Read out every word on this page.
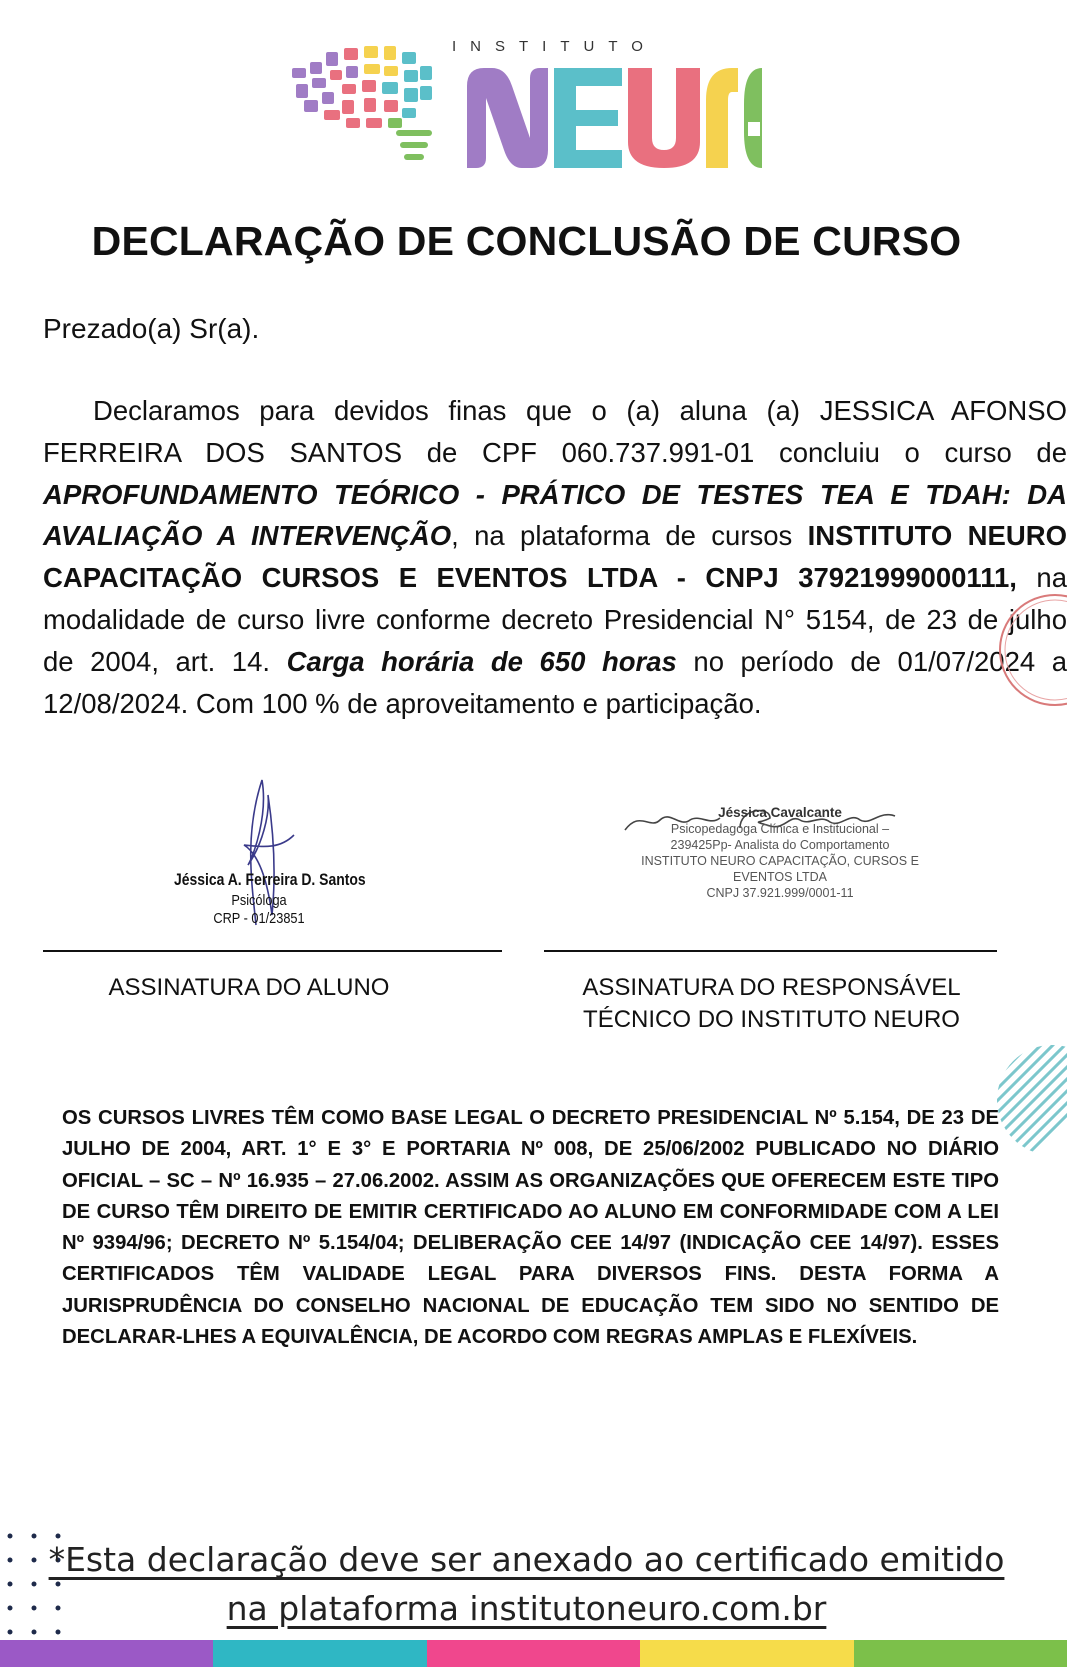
INSTITUTO
DECLARAÇÃO DE CONCLUSÃO DE CURSO

Prezado(a) Sr(a).

Declaramos para devidos finas que o (a) aluna (a) JESSICA AFONSO FERREIRA DOS SANTOS de CPF 060.737.991-01 concluiu o curso de APROFUNDAMENTO TEÓRICO - PRÁTICO DE TESTES TEA E TDAH: DA AVALIAÇÃO A INTERVENÇÃO, na plataforma de cursos INSTITUTO NEURO CAPACITAÇÃO CURSOS E EVENTOS LTDA - CNPJ 37921999000111, na modalidade de curso livre conforme decreto Presidencial N° 5154, de 23 de julho de 2004, art. 14. Carga horária de 650 horas no período de 01/07/2024 a 12/08/2024. Com 100 % de aproveitamento e participação.

Jéssica A. Ferreira D. Santos
Psicóloga
CRP - 01/23851
Jéssica Cavalcante
Psicopedagoga Clínica e Institucional –
239425Pp- Analista do Comportamento
INSTITUTO NEURO CAPACITAÇÃO, CURSOS E
EVENTOS LTDA
CNPJ 37.921.999/0001-11

ASSINATURA DO ALUNO	ASSINATURA DO RESPONSÁVEL
TÉCNICO DO INSTITUTO NEURO

OS CURSOS LIVRES TÊM COMO BASE LEGAL O DECRETO PRESIDENCIAL Nº 5.154, DE 23 DE JULHO DE 2004, ART. 1° E 3° E PORTARIA Nº 008, DE 25/06/2002 PUBLICADO NO DIÁRIO OFICIAL – SC – Nº 16.935 – 27.06.2002. ASSIM AS ORGANIZAÇÕES QUE OFERECEM ESTE TIPO DE CURSO TÊM DIREITO DE EMITIR CERTIFICADO AO ALUNO EM CONFORMIDADE COM A LEI Nº 9394/96; DECRETO Nº 5.154/04; DELIBERAÇÃO CEE 14/97 (INDICAÇÃO CEE 14/97). ESSES CERTIFICADOS TÊM VALIDADE LEGAL PARA DIVERSOS FINS. DESTA FORMA A JURISPRUDÊNCIA DO CONSELHO NACIONAL DE EDUCAÇÃO TEM SIDO NO SENTIDO DE DECLARAR-LHES A EQUIVALÊNCIA, DE ACORDO COM REGRAS AMPLAS E FLEXÍVEIS.

*Esta declaração deve ser anexado ao certificado emitido
na plataforma institutoneuro.com.br
